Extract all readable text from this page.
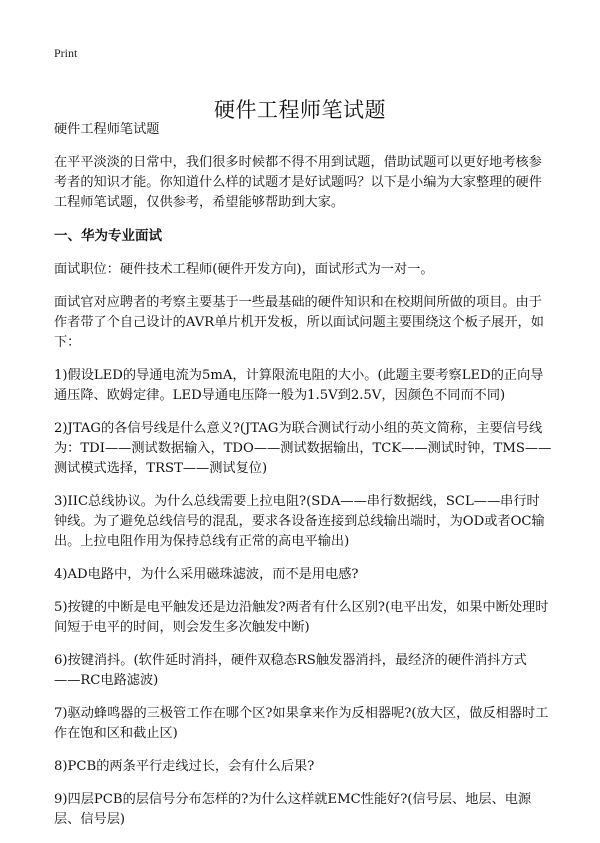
Print
硬件工程师笔试题

硬件工程师笔试题

在平平淡淡的日常中，我们很多时候都不得不用到试题，借助试题可以更好地考核参考者的知识才能。你知道什么样的试题才是好试题吗？以下是小编为大家整理的硬件工程师笔试题，仅供参考，希望能够帮助到大家。

一、华为专业面试

面试职位：硬件技术工程师(硬件开发方向)，面试形式为一对一。

面试官对应聘者的考察主要基于一些最基础的硬件知识和在校期间所做的项目。由于作者带了个自己设计的AVR单片机开发板，所以面试问题主要围绕这个板子展开，如下：

1)假设LED的导通电流为5mA，计算限流电阻的大小。(此题主要考察LED的正向导通压降、欧姆定律。LED导通电压降一般为1.5V到2.5V，因颜色不同而不同)

2)JTAG的各信号线是什么意义?(JTAG为联合测试行动小组的英文简称，主要信号线为：TDI——测试数据输入，TDO——测试数据输出，TCK——测试时钟，TMS——测试模式选择，TRST——测试复位)

3)IIC总线协议。为什么总线需要上拉电阻?(SDA——串行数据线，SCL——串行时钟线。为了避免总线信号的混乱，要求各设备连接到总线输出端时，为OD或者OC输出。上拉电阻作用为保持总线有正常的高电平输出)

4)AD电路中，为什么采用磁珠滤波，而不是用电感?

5)按键的中断是电平触发还是边沿触发?两者有什么区别?(电平出发，如果中断处理时间短于电平的时间，则会发生多次触发中断)

6)按键消抖。(软件延时消抖，硬件双稳态RS触发器消抖，最经济的硬件消抖方式——RC电路滤波)

7)驱动蜂鸣器的三极管工作在哪个区?如果拿来作为反相器呢?(放大区，做反相器时工作在饱和区和截止区)

8)PCB的两条平行走线过长，会有什么后果?

9)四层PCB的层信号分布怎样的?为什么这样就EMC性能好?(信号层、地层、电源层、信号层)
